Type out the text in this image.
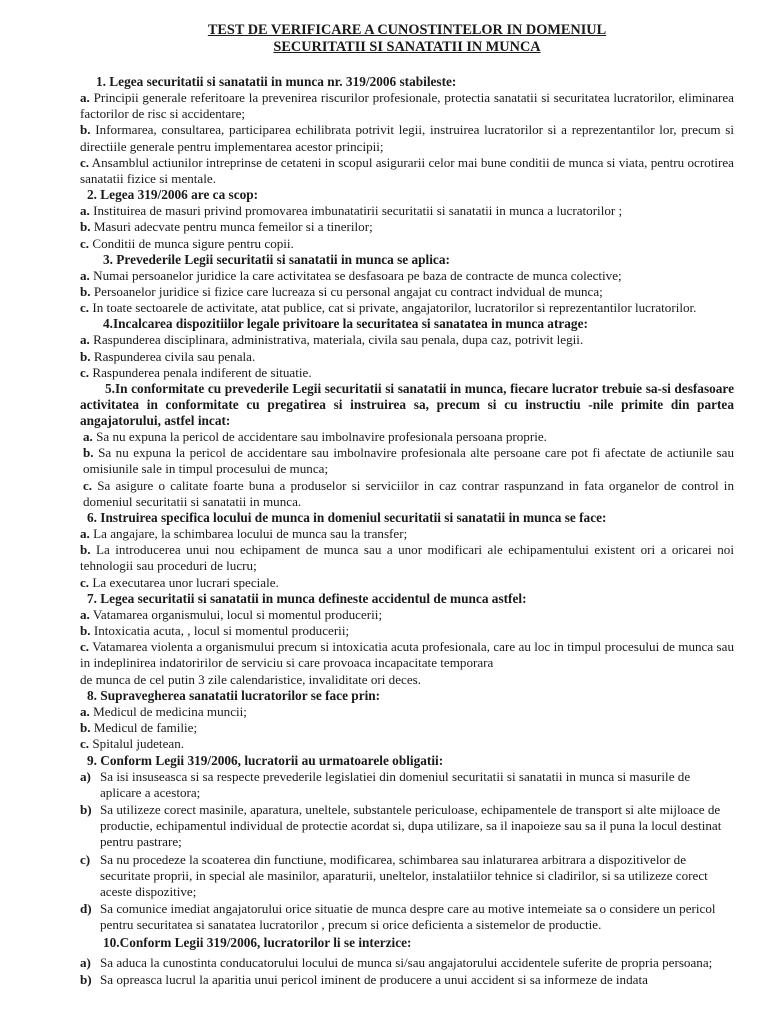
TEST DE VERIFICARE A CUNOSTINTELOR IN DOMENIUL

SECURITATII SI SANATATII IN MUNCA

1. Legea securitatii si sanatatii in munca nr. 319/2006 stabileste:

a. Principii generale referitoare la prevenirea riscurilor profesionale, protectia sanatatii si securitatea lucratorilor, eliminarea factorilor de risc si accidentare;

b. Informarea, consultarea, participarea echilibrata potrivit legii, instruirea lucratorilor si a reprezentantilor lor, precum si directiile generale pentru implementarea acestor principii;

c. Ansamblul actiunilor intreprinse de cetateni in scopul asigurarii celor mai bune conditii de munca si viata, pentru ocrotirea sanatatii fizice si mentale.

2. Legea 319/2006 are ca scop:

a. Instituirea de masuri privind promovarea imbunatatirii securitatii si sanatatii in munca a lucratorilor ;

b. Masuri adecvate pentru munca femeilor si a tinerilor;

c. Conditii de munca sigure pentru copii.

3. Prevederile Legii securitatii si sanatatii in munca se aplica:

a. Numai persoanelor juridice la care activitatea se desfasoara pe baza de contracte de munca colective;

b. Persoanelor juridice si fizice care lucreaza si cu personal angajat cu contract indvidual de munca;

c. In toate sectoarele de activitate, atat publice, cat si private, angajatorilor, lucratorilor si reprezentantilor lucratorilor.

4.Incalcarea dispozitiilor legale privitoare la securitatea si sanatatea in munca atrage:

a. Raspunderea disciplinara, administrativa, materiala, civila sau penala, dupa caz, potrivit legii.

b. Raspunderea civila sau penala.

c. Raspunderea penala indiferent de situatie.

5.In conformitate cu prevederile Legii securitatii si sanatatii in munca, fiecare lucrator trebuie sa-si desfasoare activitatea in conformitate cu pregatirea si instruirea sa, precum si cu instructiu -nile primite din partea angajatorului, astfel incat:

a. Sa nu expuna la pericol de accidentare sau imbolnavire profesionala persoana proprie.

b. Sa nu expuna la pericol de accidentare sau imbolnavire profesionala alte persoane care pot fi afectate de actiunile sau omisiunile sale in timpul procesului de munca;

c. Sa asigure o calitate foarte buna a produselor si serviciilor in caz contrar raspunzand in fata organelor de control in domeniul securitatii si sanatatii in munca.

6. Instruirea specifica locului de munca in domeniul securitatii si sanatatii in munca se face:

a. La angajare, la schimbarea locului de munca sau la transfer;

b. La introducerea unui nou echipament de munca sau a unor modificari ale echipamentului existent ori a oricarei noi tehnologii sau proceduri de lucru;

c. La executarea unor lucrari speciale.

7. Legea securitatii si sanatatii in munca defineste accidentul de munca astfel:

a. Vatamarea organismului, locul si momentul producerii;

b. Intoxicatia acuta, , locul si momentul producerii;

c. Vatamarea violenta a organismului precum si intoxicatia acuta profesionala, care au loc in timpul procesului de munca sau in indeplinirea indatoririlor de serviciu si care provoaca incapacitate temporara

de munca de cel putin 3 zile calendaristice, invaliditate ori deces.

8. Supravegherea sanatatii lucratorilor se face prin:

a. Medicul de medicina muncii;

b. Medicul de familie;

c. Spitalul judetean.

9. Conform Legii 319/2006, lucratorii au urmatoarele obligatii:

a) Sa isi insuseasca si sa respecte prevederile legislatiei din domeniul securitatii si sanatatii in munca si masurile de aplicare a acestora;
b) Sa utilizeze corect masinile, aparatura, uneltele, substantele periculoase, echipamentele de transport si alte mijloace de productie, echipamentul individual de protectie acordat si, dupa utilizare, sa il inapoieze sau sa il puna la locul destinat pentru pastrare;
c) Sa nu procedeze la scoaterea din functiune, modificarea, schimbarea sau inlaturarea arbitrara a dispozitivelor de securitate proprii, in special ale masinilor, aparaturii, uneltelor, instalatiilor tehnice si cladirilor, si sa utilizeze corect aceste dispozitive;
d) Sa comunice imediat angajatorului orice situatie de munca despre care au motive intemeiate sa o considere un pericol pentru securitatea si sanatatea lucratorilor , precum si orice deficienta a sistemelor de productie.

10.Conform Legii 319/2006, lucratorilor li se interzice:

a) Sa aduca la cunostinta conducatorului locului de munca si/sau angajatorului accidentele suferite de propria persoana;
b) Sa opreasca lucrul la aparitia unui pericol iminent de producere a unui accident si sa informeze de indata
